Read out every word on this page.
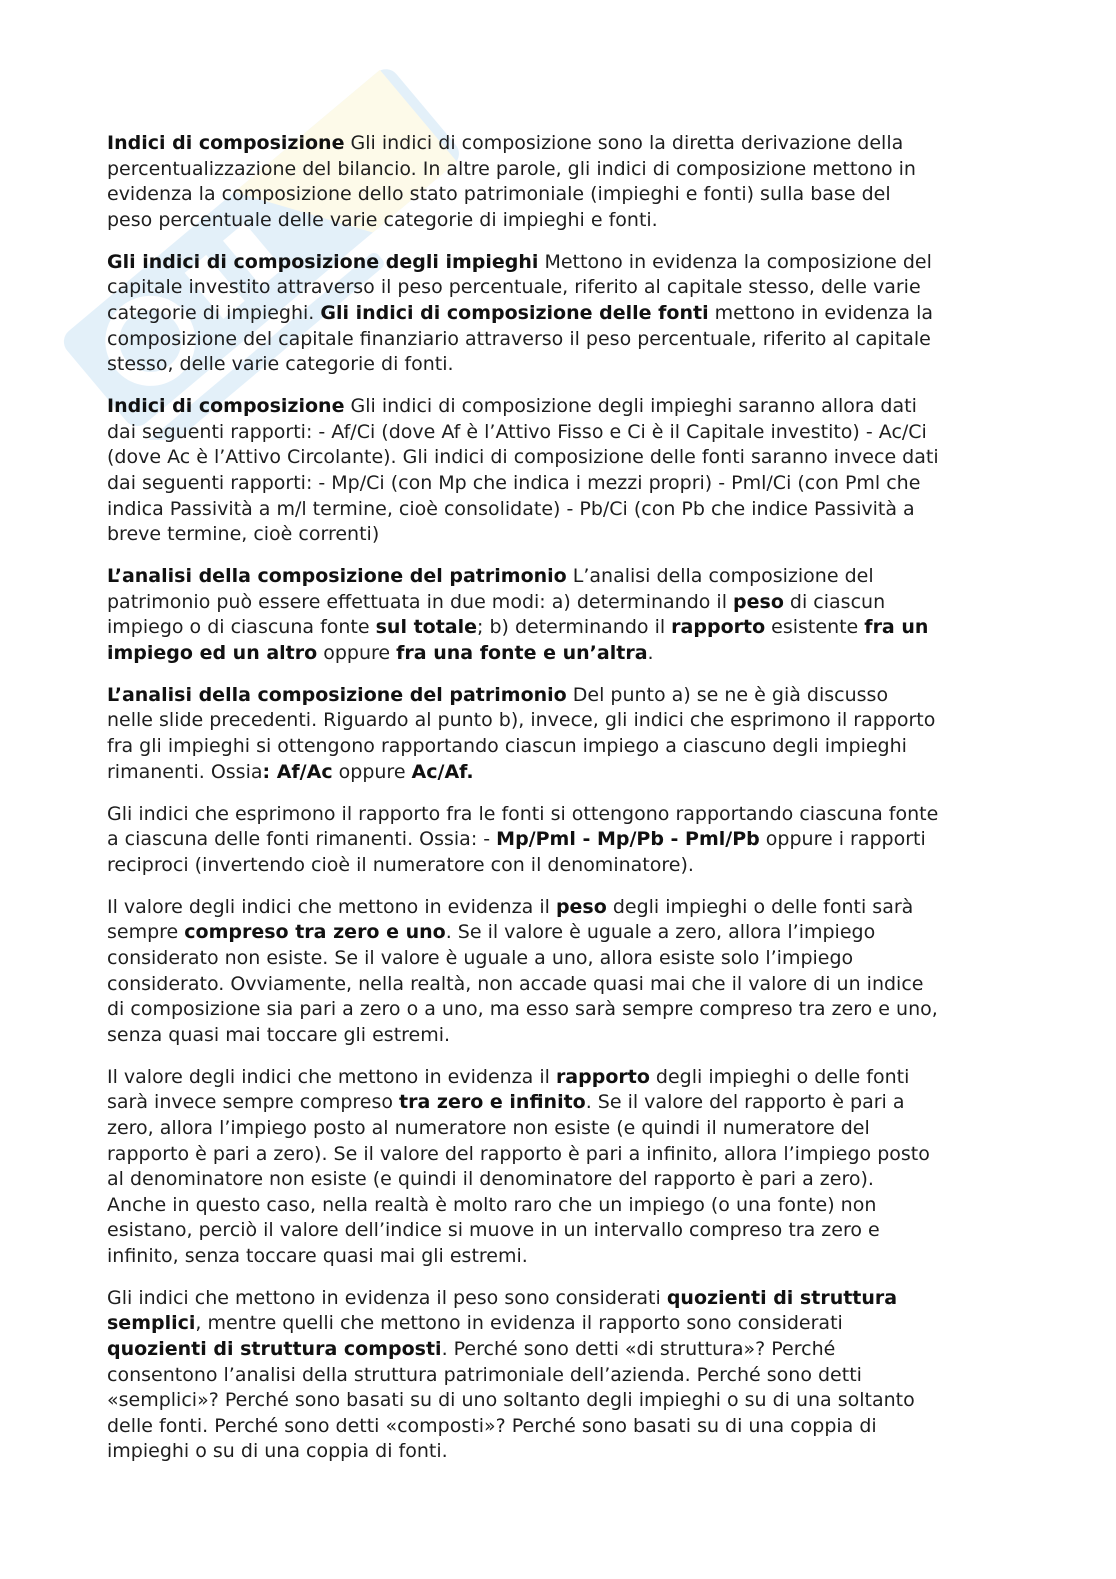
Indici di composizione Gli indici di composizione sono la diretta derivazione della
percentualizzazione del bilancio. In altre parole, gli indici di composizione mettono in
evidenza la composizione dello stato patrimoniale (impieghi e fonti) sulla base del
peso percentuale delle varie categorie di impieghi e fonti.
Gli indici di composizione degli impieghi Mettono in evidenza la composizione del
capitale investito attraverso il peso percentuale, riferito al capitale stesso, delle varie
categorie di impieghi. Gli indici di composizione delle fonti mettono in evidenza la
composizione del capitale finanziario attraverso il peso percentuale, riferito al capitale
stesso, delle varie categorie di fonti.
Indici di composizione Gli indici di composizione degli impieghi saranno allora dati
dai seguenti rapporti: - Af/Ci (dove Af è l’Attivo Fisso e Ci è il Capitale investito) - Ac/Ci
(dove Ac è l’Attivo Circolante). Gli indici di composizione delle fonti saranno invece dati
dai seguenti rapporti: - Mp/Ci (con Mp che indica i mezzi propri) - Pml/Ci (con Pml che
indica Passività a m/l termine, cioè consolidate) - Pb/Ci (con Pb che indice Passività a
breve termine, cioè correnti)
L’analisi della composizione del patrimonio L’analisi della composizione del
patrimonio può essere effettuata in due modi: a) determinando il peso di ciascun
impiego o di ciascuna fonte sul totale; b) determinando il rapporto esistente fra un
impiego ed un altro oppure fra una fonte e un’altra.
L’analisi della composizione del patrimonio Del punto a) se ne è già discusso
nelle slide precedenti. Riguardo al punto b), invece, gli indici che esprimono il rapporto
fra gli impieghi si ottengono rapportando ciascun impiego a ciascuno degli impieghi
rimanenti. Ossia: Af/Ac oppure Ac/Af.
Gli indici che esprimono il rapporto fra le fonti si ottengono rapportando ciascuna fonte
a ciascuna delle fonti rimanenti. Ossia: - Mp/Pml - Mp/Pb - Pml/Pb oppure i rapporti
reciproci (invertendo cioè il numeratore con il denominatore).
Il valore degli indici che mettono in evidenza il peso degli impieghi o delle fonti sarà
sempre compreso tra zero e uno. Se il valore è uguale a zero, allora l’impiego
considerato non esiste. Se il valore è uguale a uno, allora esiste solo l’impiego
considerato. Ovviamente, nella realtà, non accade quasi mai che il valore di un indice
di composizione sia pari a zero o a uno, ma esso sarà sempre compreso tra zero e uno,
senza quasi mai toccare gli estremi.
Il valore degli indici che mettono in evidenza il rapporto degli impieghi o delle fonti
sarà invece sempre compreso tra zero e infinito. Se il valore del rapporto è pari a
zero, allora l’impiego posto al numeratore non esiste (e quindi il numeratore del
rapporto è pari a zero). Se il valore del rapporto è pari a infinito, allora l’impiego posto
al denominatore non esiste (e quindi il denominatore del rapporto è pari a zero).
Anche in questo caso, nella realtà è molto raro che un impiego (o una fonte) non
esistano, perciò il valore dell’indice si muove in un intervallo compreso tra zero e
infinito, senza toccare quasi mai gli estremi.
Gli indici che mettono in evidenza il peso sono considerati quozienti di struttura
semplici, mentre quelli che mettono in evidenza il rapporto sono considerati
quozienti di struttura composti. Perché sono detti «di struttura»? Perché
consentono l’analisi della struttura patrimoniale dell’azienda. Perché sono detti
«semplici»? Perché sono basati su di uno soltanto degli impieghi o su di una soltanto
delle fonti. Perché sono detti «composti»? Perché sono basati su di una coppia di
impieghi o su di una coppia di fonti.
